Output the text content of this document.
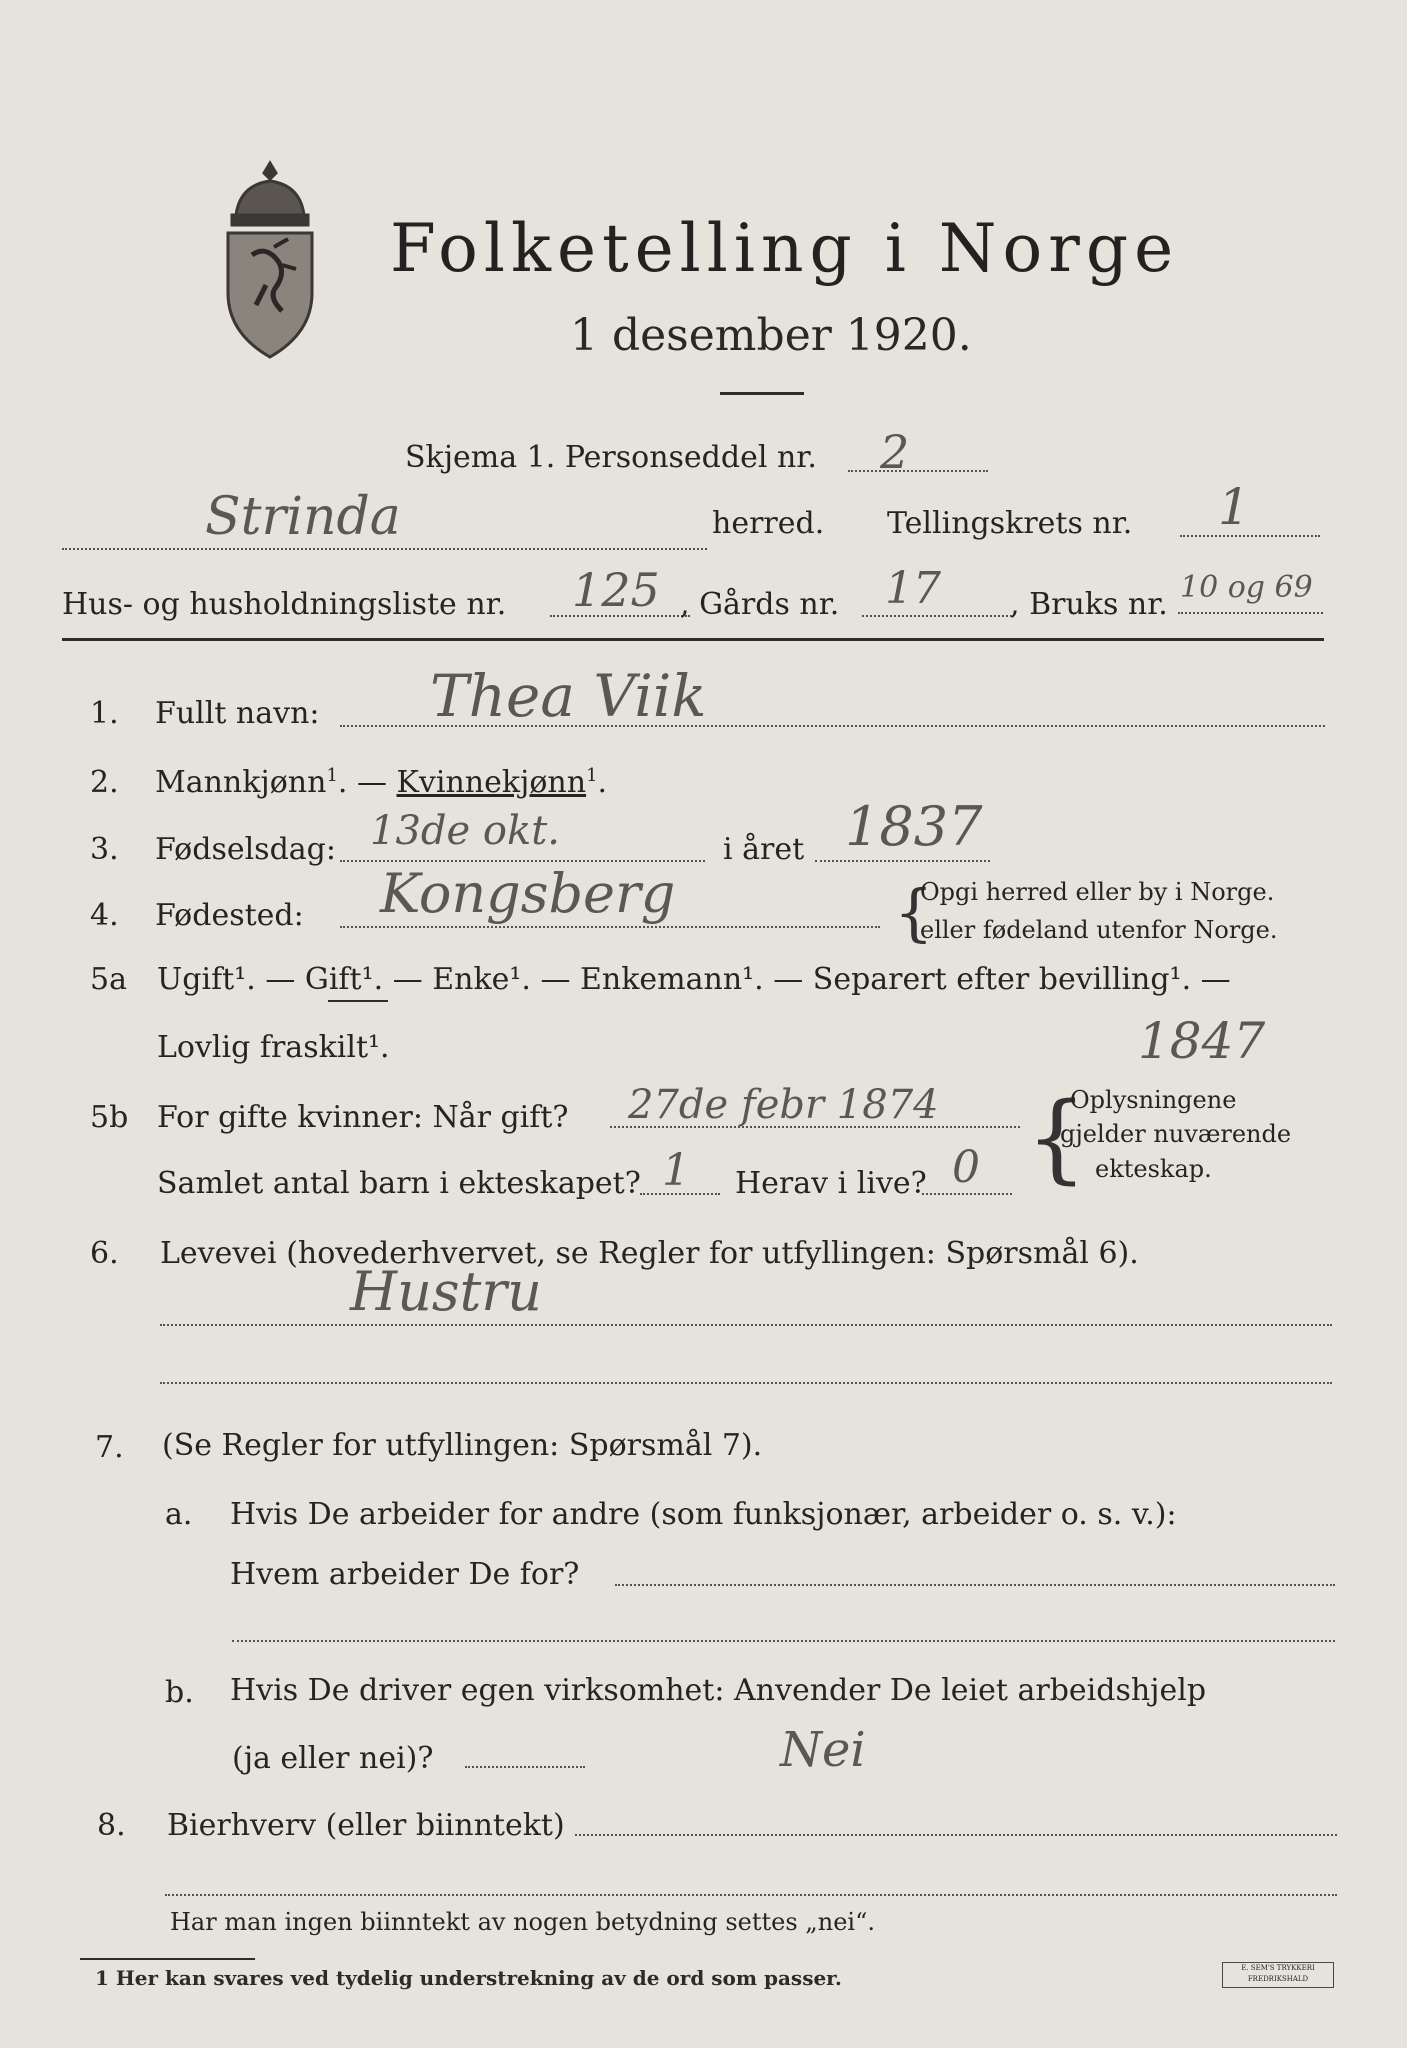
Folketelling i Norge
1 desember 1920.
Skjema 1. Personseddel nr. 2
Strinda	herred. Tellingskrets nr. 1
Hus- og husholdningsliste nr. 125 , Gårds nr. 17 , Bruks nr. 10 og 69
1. Fullt navn: Thea Viik
2. Mannkjønn$^1$. — Kvinnekjønn$^1$.
3. Fødselsdag: 13de okt.	i året 1837
4. Fødested: Kongsberg	{
Opgi herred eller by i Norge.
eller fødeland utenfor Norge.
5a Ugift¹. — Gift¹. — Enke¹. — Enkemann¹. — Separert efter bevilling¹. —
Lovlig fraskilt¹.	1847
5b For gifte kvinner: Når gift? 27de febr 1874
Samlet antal barn i ekteskapet? 1 Herav i live? 0 {
Oplysningene
gjelder nuværende
ekteskap.
6. Levevei (hovederhvervet, se Regler for utfyllingen: Spørsmål 6).
Hustru
7. (Se Regler for utfyllingen: Spørsmål 7).
a. Hvis De arbeider for andre (som funksjonær, arbeider o. s. v.):
Hvem arbeider De for?
b. Hvis De driver egen virksomhet: Anvender De leiet arbeidshjelp
(ja eller nei)?	Nei
8. Bierhverv (eller biinntekt)
Har man ingen biinntekt av nogen betydning settes „nei“.
1 Her kan svares ved tydelig understrekning av de ord som passer.	E. SEM'S TRYKKERI FREDRIKSHALD
